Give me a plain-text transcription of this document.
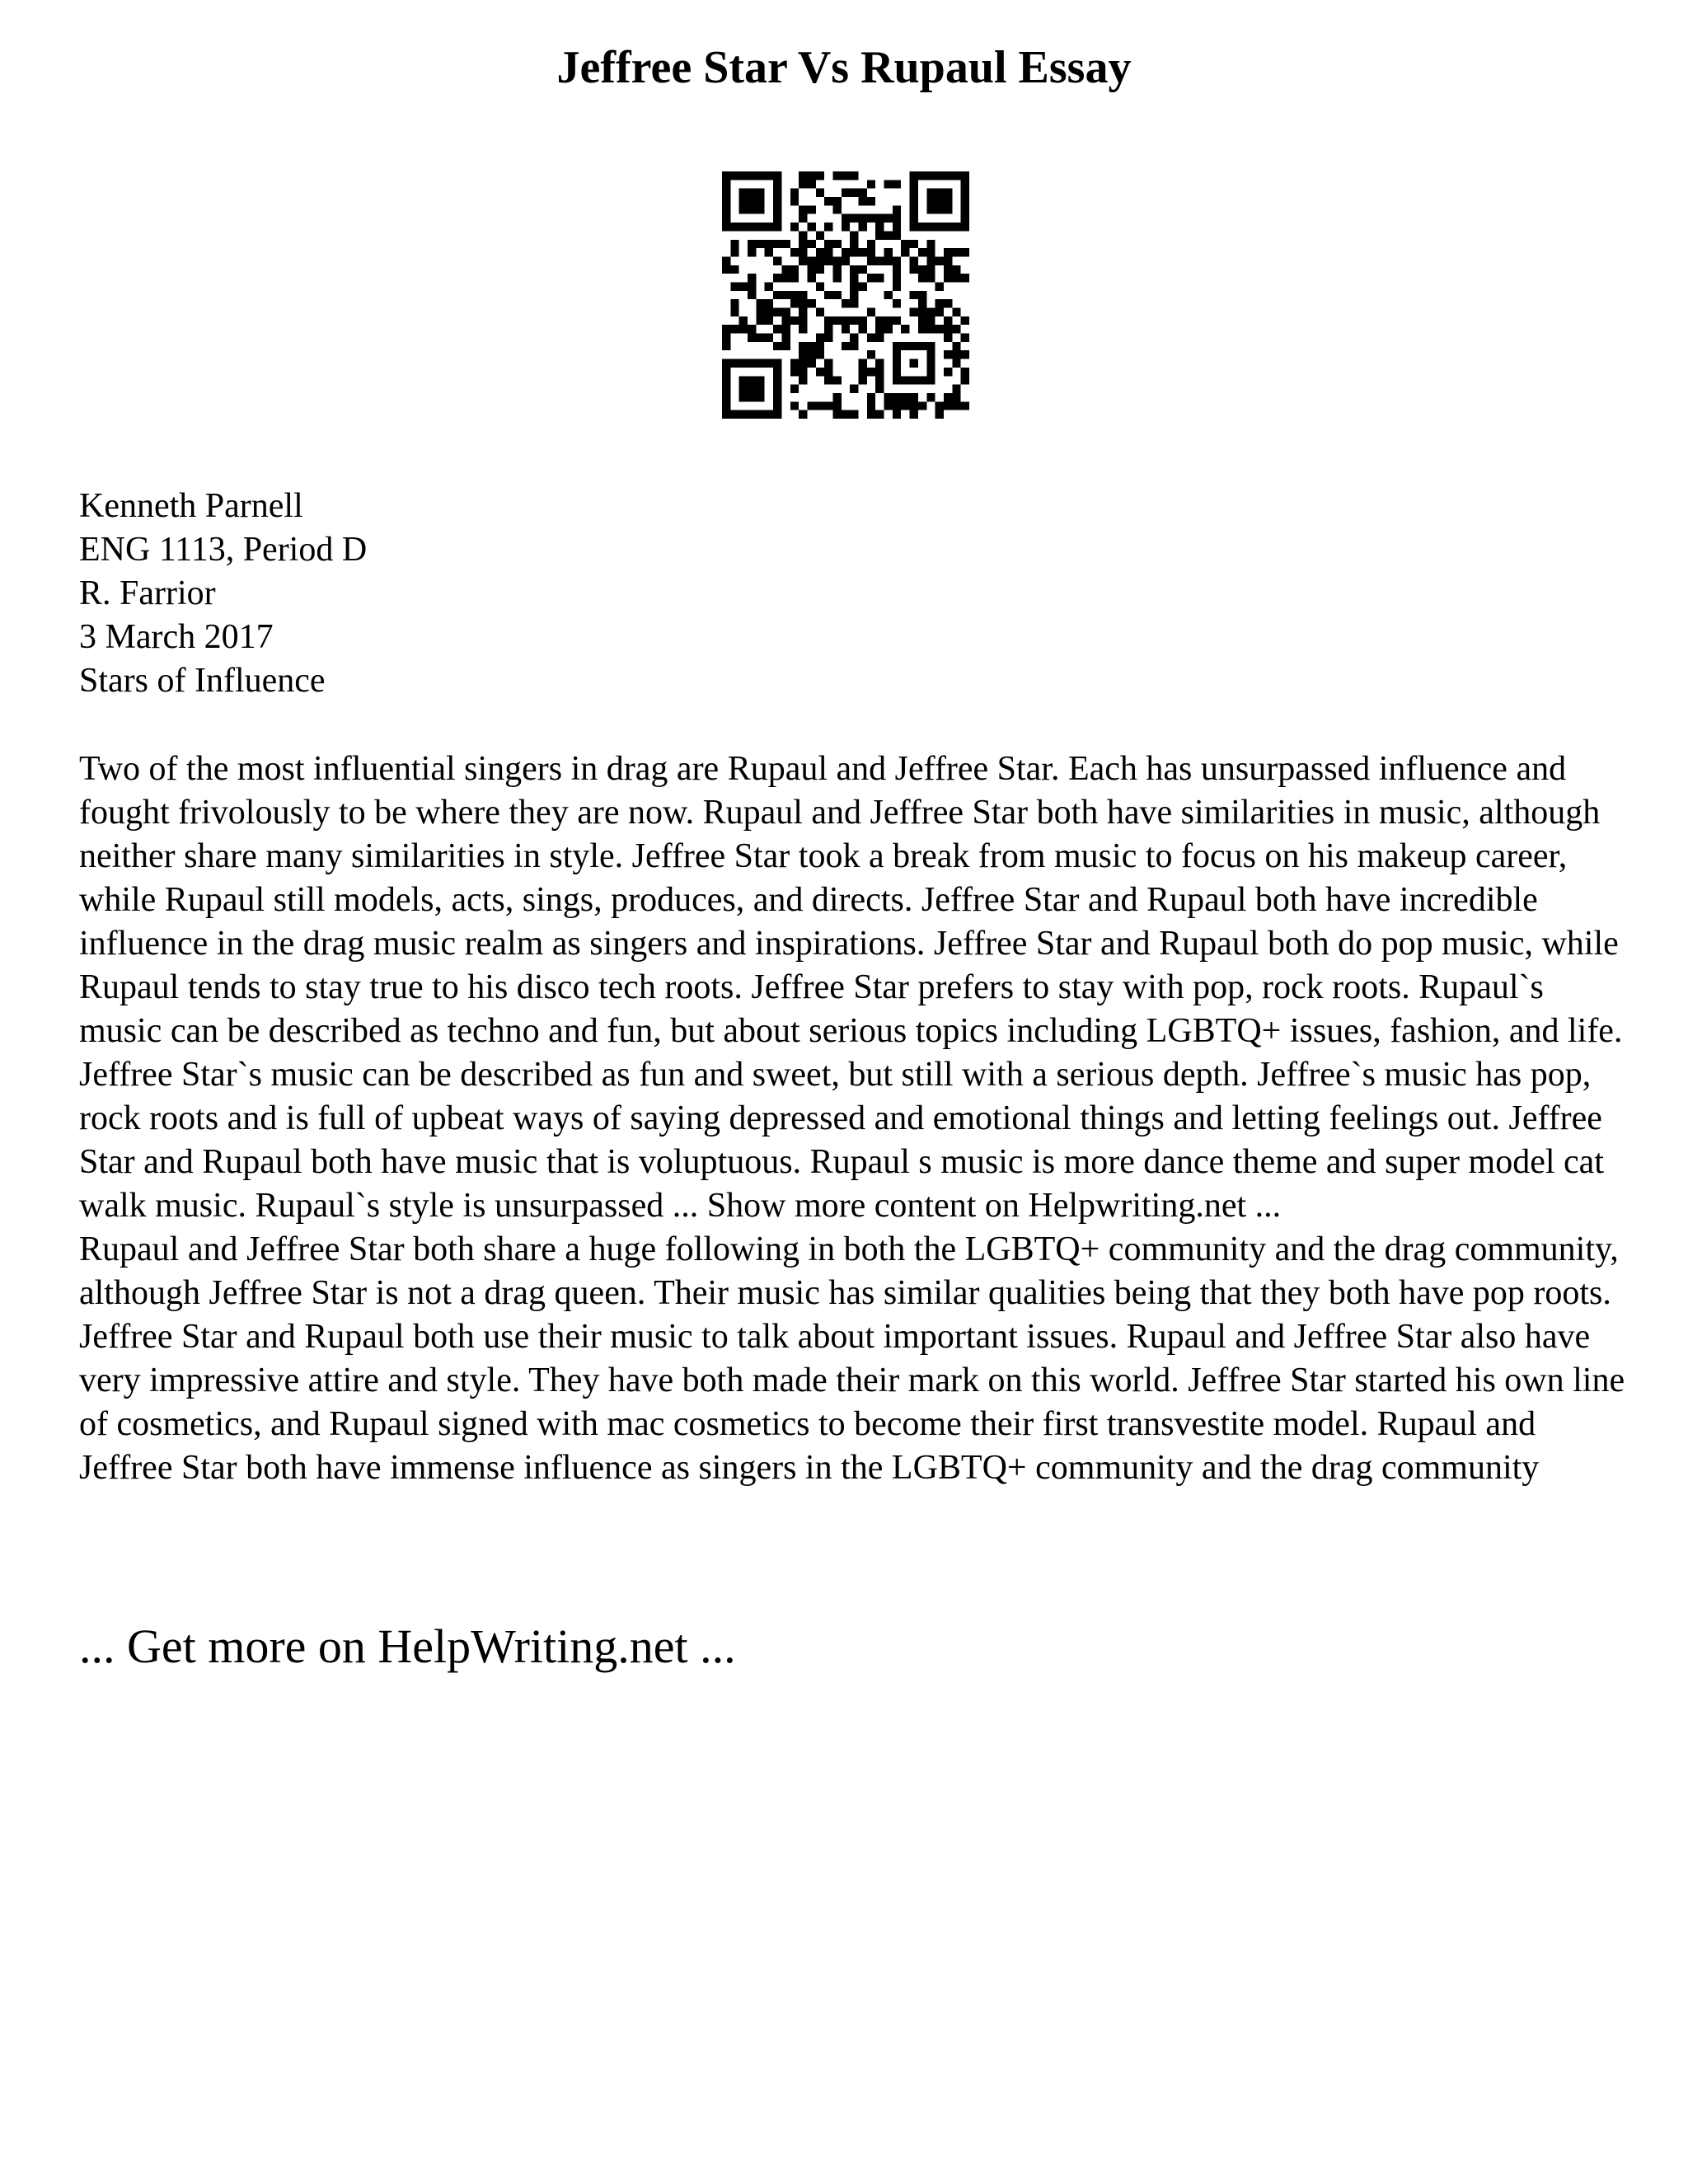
Jeffree Star Vs Rupaul Essay
Kenneth Parnell
ENG 1113, Period D
R. Farrior
3 March 2017
Stars of Influence

Two of the most influential singers in drag are Rupaul and Jeffree Star. Each has unsurpassed influence and fought frivolously to be where they are now. Rupaul and Jeffree Star both have similarities in music, although neither share many similarities in style. Jeffree Star took a break from music to focus on his makeup career, while Rupaul still models, acts, sings, produces, and directs. Jeffree Star and Rupaul both have incredible influence in the drag music realm as singers and inspirations. Jeffree Star and Rupaul both do pop music, while Rupaul tends to stay true to his disco tech roots. Jeffree Star prefers to stay with pop, rock roots. Rupaul`s music can be described as techno and fun, but about serious topics including LGBTQ+ issues, fashion, and life. Jeffree Star`s music can be described as fun and sweet, but still with a serious depth. Jeffree`s music has pop, rock roots and is full of upbeat ways of saying depressed and emotional things and letting feelings out. Jeffree Star and Rupaul both have music that is voluptuous. Rupaul s music is more dance theme and super model cat walk music. Rupaul`s style is unsurpassed ... Show more content on Helpwriting.net ...

Rupaul and Jeffree Star both share a huge following in both the LGBTQ+ community and the drag community, although Jeffree Star is not a drag queen. Their music has similar qualities being that they both have pop roots. Jeffree Star and Rupaul both use their music to talk about important issues. Rupaul and Jeffree Star also have very impressive attire and style. They have both made their mark on this world. Jeffree Star started his own line of cosmetics, and Rupaul signed with mac cosmetics to become their first transvestite model. Rupaul and Jeffree Star both have immense influence as singers in the LGBTQ+ community and the drag community

... Get more on HelpWriting.net ...
